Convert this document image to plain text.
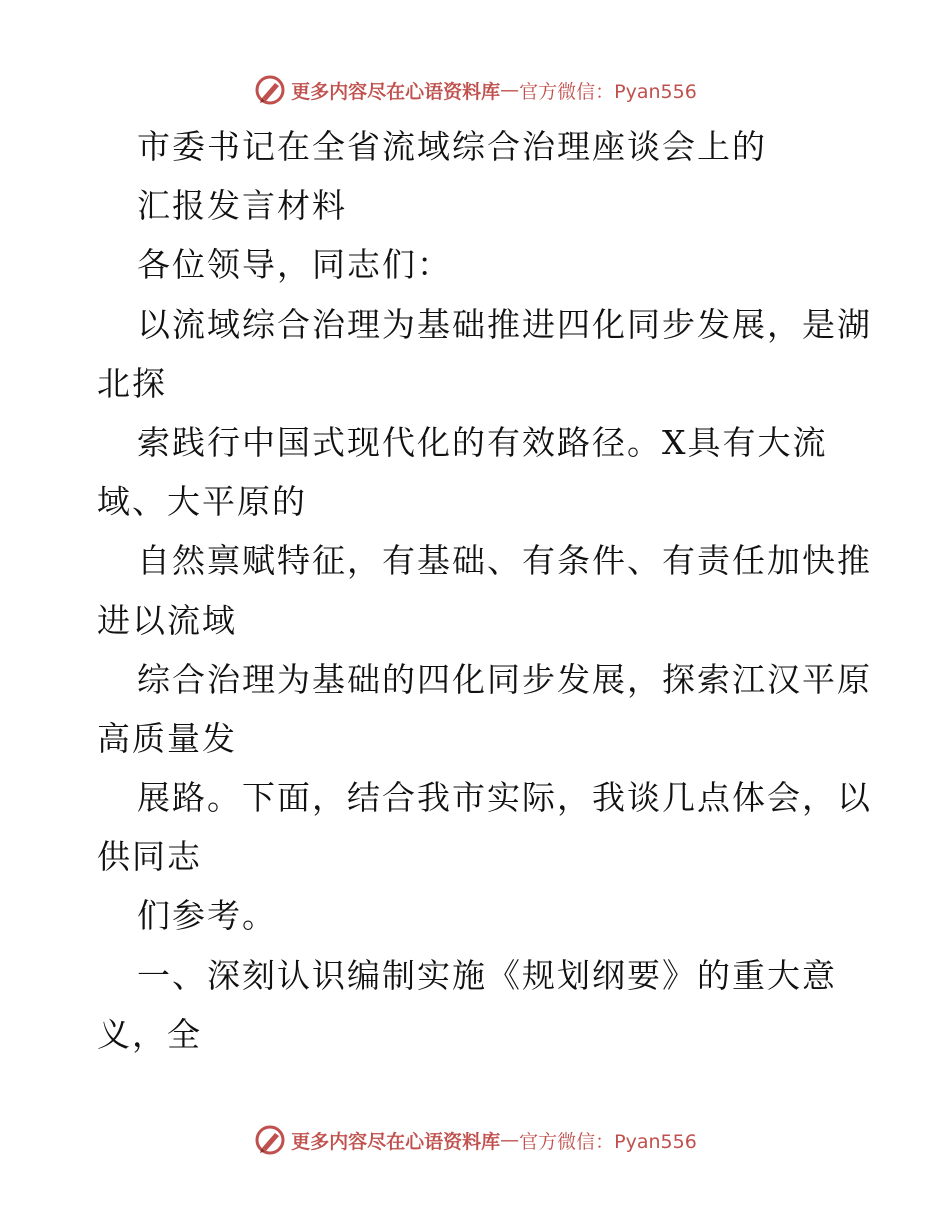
更多内容尽在心语资料库 — 官方微信：Pyan556
市委书记在全省流域综合治理座谈会上的
汇报发言材料
各位领导，同志们：
以流域综合治理为基础推进四化同步发展，是湖
北探
索践行中国式现代化的有效路径。X具有大流
域、大平原的
自然禀赋特征，有基础、有条件、有责任加快推
进以流域
综合治理为基础的四化同步发展，探索江汉平原
高质量发
展路。下面，结合我市实际，我谈几点体会，以
供同志
们参考。
一、深刻认识编制实施《规划纲要》的重大意
义，全
更多内容尽在心语资料库 — 官方微信：Pyan556
